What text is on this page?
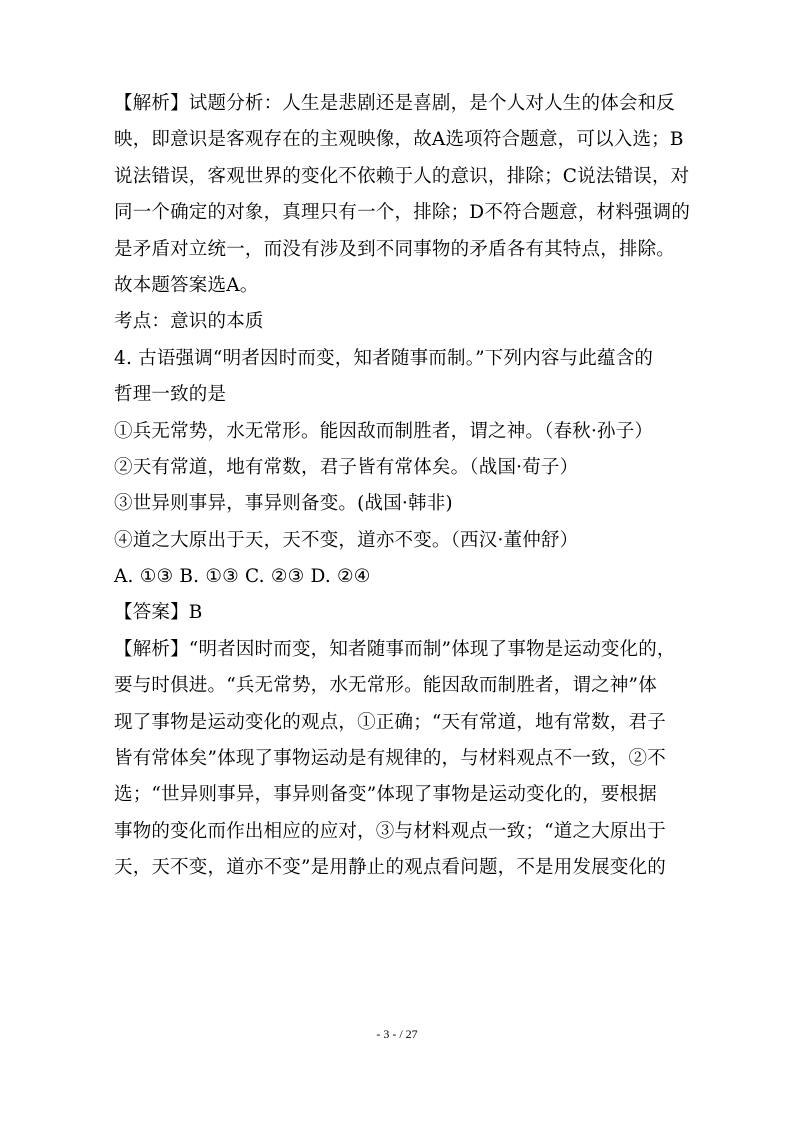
【解析】试题分析：人生是悲剧还是喜剧，是个人对人生的体会和反
映，即意识是客观存在的主观映像，故A选项符合题意，可以入选；B
说法错误，客观世界的变化不依赖于人的意识，排除；C说法错误，对
同一个确定的对象，真理只有一个，排除；D不符合题意，材料强调的
是矛盾对立统一，而没有涉及到不同事物的矛盾各有其特点，排除。
故本题答案选A。
考点：意识的本质
4. 古语强调“明者因时而变，知者随事而制。”下列内容与此蕴含的
哲理一致的是
①兵无常势，水无常形。能因敌而制胜者，谓之神。（春秋·孙子）
②天有常道，地有常数，君子皆有常体矣。（战国·荀子）
③世异则事异，事异则备变。(战国·韩非)
④道之大原出于天，天不变，道亦不变。（西汉·董仲舒）
A. ①③ B. ①③ C. ②③ D. ②④
【答案】B
【解析】“明者因时而变，知者随事而制”体现了事物是运动变化的，
要与时俱进。“兵无常势，水无常形。能因敌而制胜者，谓之神”体
现了事物是运动变化的观点，①正确；“天有常道，地有常数，君子
皆有常体矣”体现了事物运动是有规律的，与材料观点不一致，②不
选；“世异则事异，事异则备变”体现了事物是运动变化的，要根据
事物的变化而作出相应的应对，③与材料观点一致；“道之大原出于
天，天不变，道亦不变”是用静止的观点看问题，不是用发展变化的
- 3 - / 27
